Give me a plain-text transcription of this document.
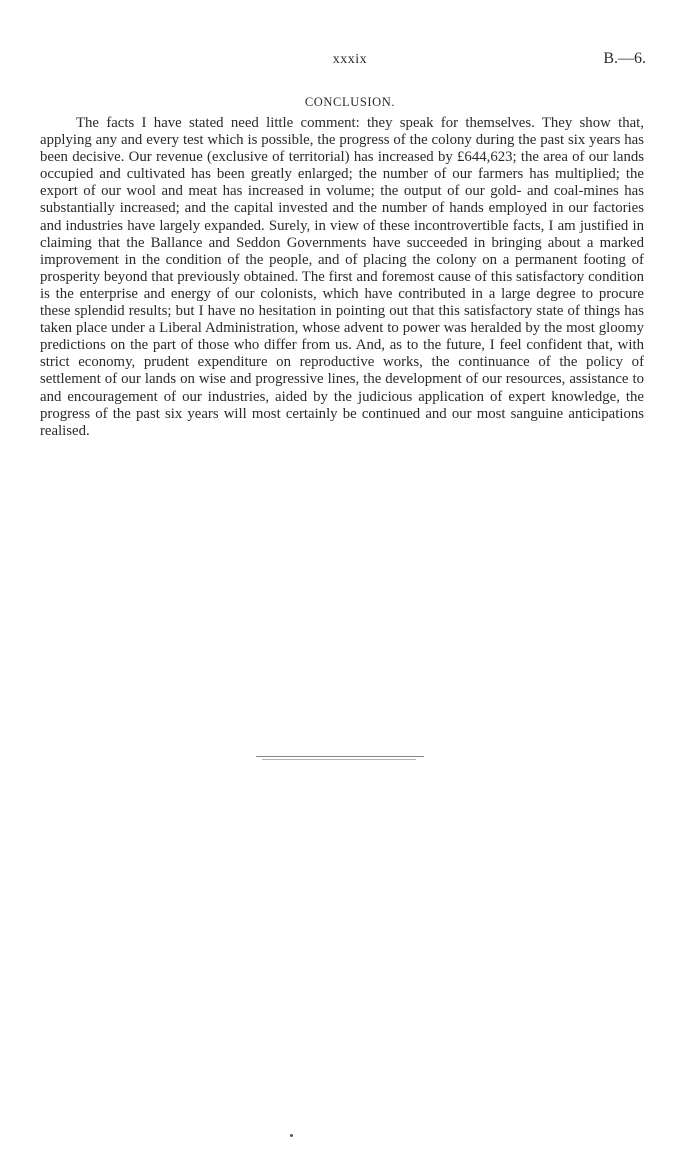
xxxix	B.—6.
CONCLUSION.

The facts I have stated need little comment: they speak for themselves. They show that, applying any and every test which is possible, the progress of the colony during the past six years has been decisive. Our revenue (exclusive of territorial) has increased by £644,623; the area of our lands occupied and cultivated has been greatly enlarged; the number of our farmers has multiplied; the export of our wool and meat has increased in volume; the output of our gold- and coal-mines has substantially increased; and the capital invested and the number of hands employed in our factories and industries have largely expanded. Surely, in view of these incontrovertible facts, I am justified in claiming that the Ballance and Seddon Governments have succeeded in bringing about a marked improvement in the condition of the people, and of placing the colony on a permanent footing of prosperity beyond that previously obtained. The first and foremost cause of this satisfactory condition is the enterprise and energy of our colonists, which have contributed in a large degree to procure these splendid results; but I have no hesitation in pointing out that this satisfactory state of things has taken place under a Liberal Administration, whose advent to power was heralded by the most gloomy predictions on the part of those who differ from us. And, as to the future, I feel confident that, with strict economy, prudent expenditure on reproductive works, the continuance of the policy of settlement of our lands on wise and progressive lines, the development of our resources, assistance to and encouragement of our industries, aided by the judicious application of expert knowledge, the progress of the past six years will most certainly be continued and our most sanguine anticipations realised.
